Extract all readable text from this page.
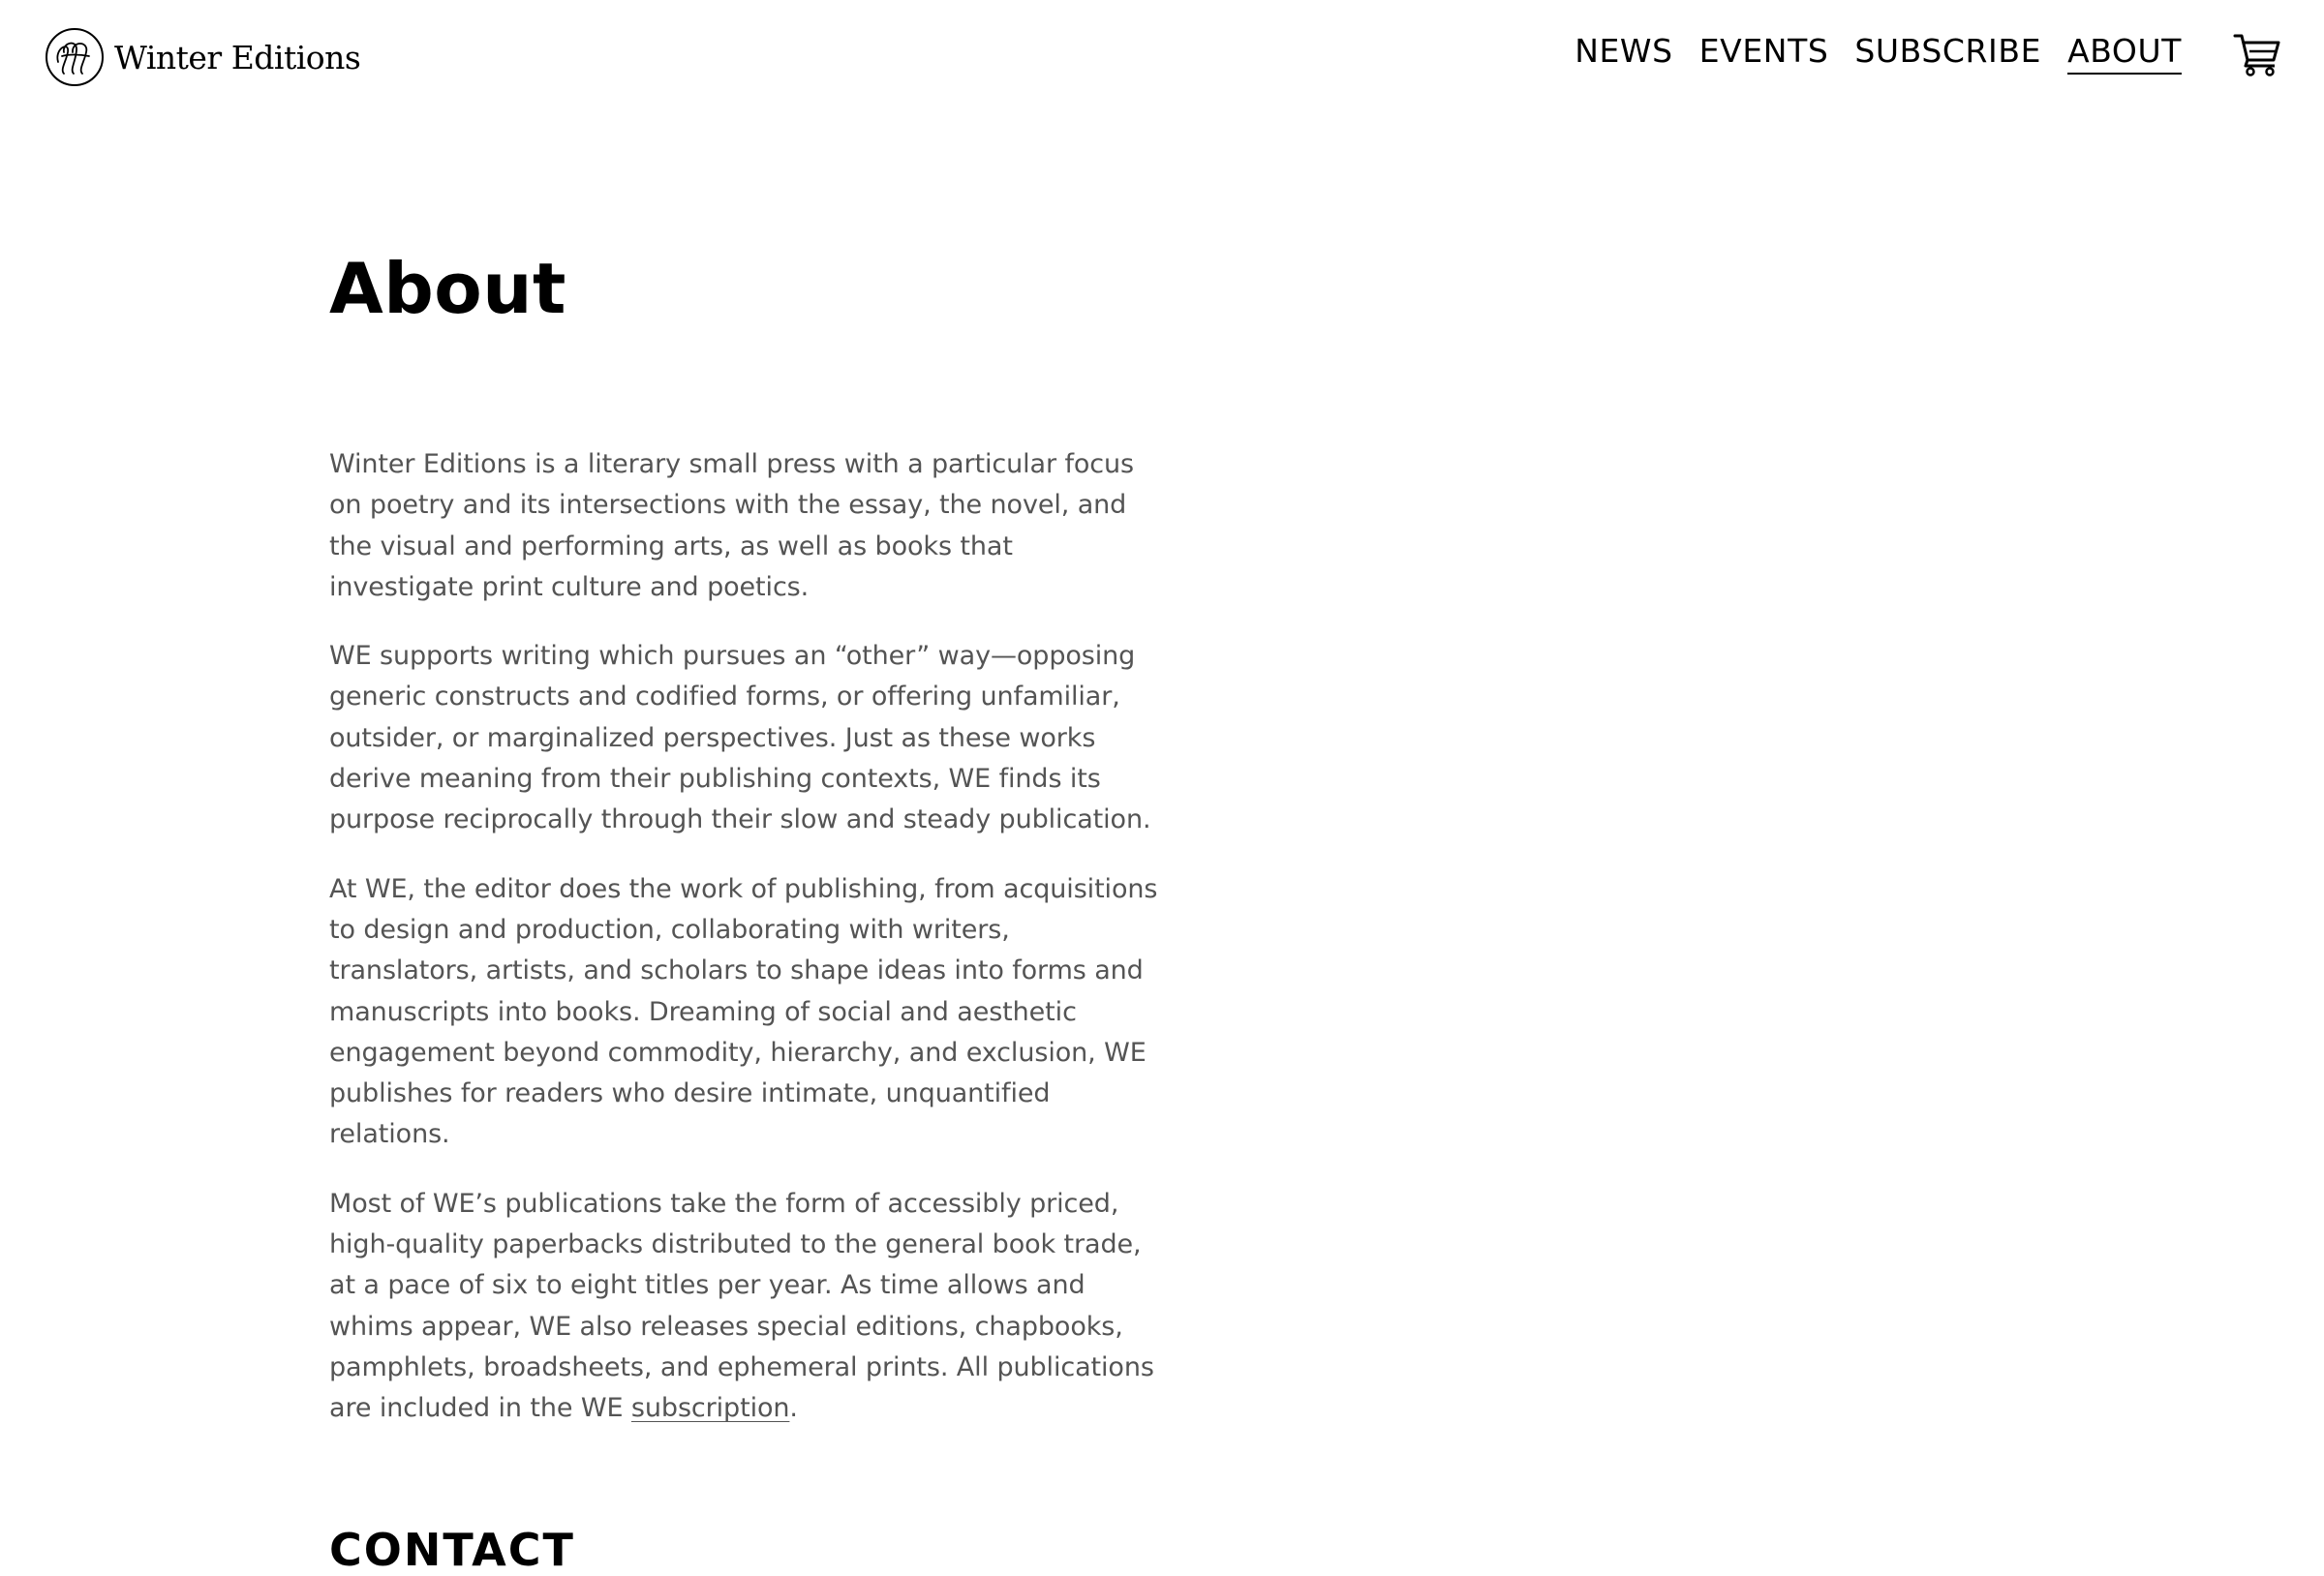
Winter Editions	NEWS EVENTS SUBSCRIBE ABOUT
About

Winter Editions is a literary small press with a particular focus on poetry and its intersections with the essay, the novel, and the visual and performing arts, as well as books that investigate print culture and poetics.

WE supports writing which pursues an “other” way—opposing generic constructs and codified forms, or offering unfamiliar, outsider, or marginalized perspectives. Just as these works derive meaning from their publishing contexts, WE finds its purpose reciprocally through their slow and steady publication.

At WE, the editor does the work of publishing, from acquisitions to design and production, collaborating with writers, translators, artists, and scholars to shape ideas into forms and manuscripts into books. Dreaming of social and aesthetic engagement beyond commodity, hierarchy, and exclusion, WE publishes for readers who desire intimate, unquantified relations.

Most of WE’s publications take the form of accessibly priced, high-quality paperbacks distributed to the general book trade, at a pace of six to eight titles per year. As time allows and whims appear, WE also releases special editions, chapbooks, pamphlets, broadsheets, and ephemeral prints. All publications are included in the WE subscription.

CONTACT
